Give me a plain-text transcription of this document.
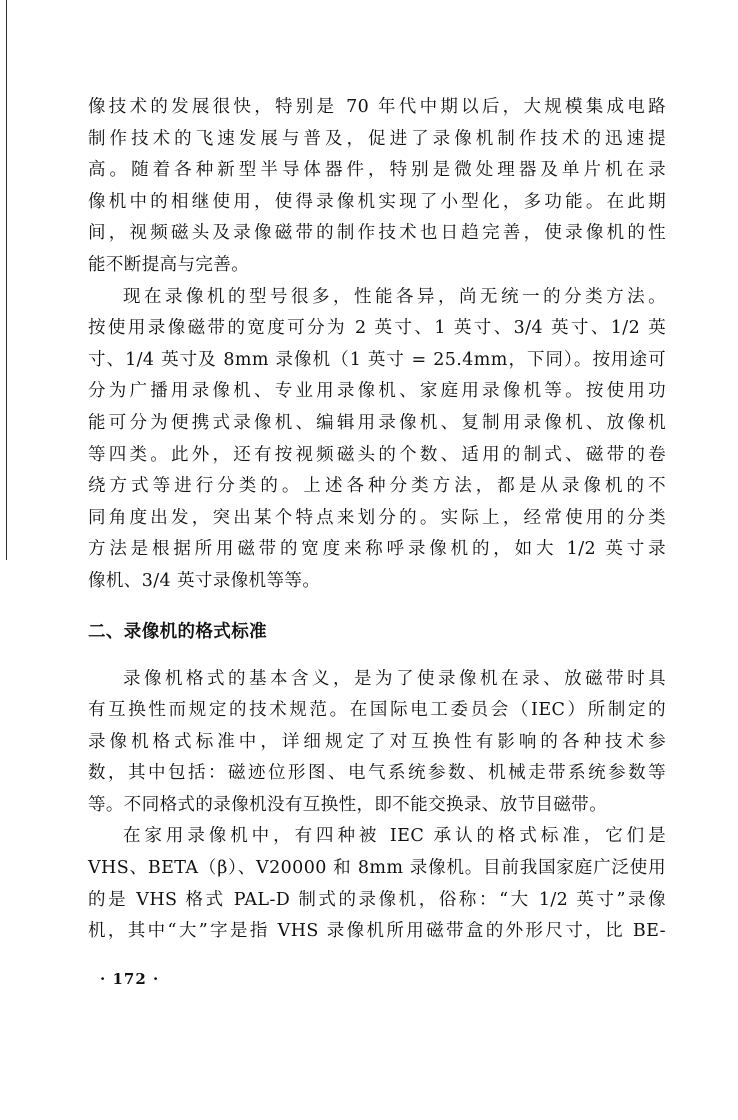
像技术的发展很快，特别是 70 年代中期以后，大规模集成电路

制作技术的飞速发展与普及，促进了录像机制作技术的迅速提

高。随着各种新型半导体器件，特别是微处理器及单片机在录

像机中的相继使用，使得录像机实现了小型化，多功能。在此期

间，视频磁头及录像磁带的制作技术也日趋完善，使录像机的性

能不断提高与完善。

现在录像机的型号很多，性能各异，尚无统一的分类方法。

按使用录像磁带的宽度可分为 2 英寸、1 英寸、3/4 英寸、1/2 英

寸、1/4 英寸及 8mm 录像机（1 英寸 = 25.4mm，下同）。按用途可

分为广播用录像机、专业用录像机、家庭用录像机等。按使用功

能可分为便携式录像机、编辑用录像机、复制用录像机、放像机

等四类。此外，还有按视频磁头的个数、适用的制式、磁带的卷

绕方式等进行分类的。上述各种分类方法，都是从录像机的不

同角度出发，突出某个特点来划分的。实际上，经常使用的分类

方法是根据所用磁带的宽度来称呼录像机的，如大 1/2 英寸录

像机、3/4 英寸录像机等等。

二、录像机的格式标准

录像机格式的基本含义，是为了使录像机在录、放磁带时具

有互换性而规定的技术规范。在国际电工委员会（IEC）所制定的

录像机格式标准中，详细规定了对互换性有影响的各种技术参

数，其中包括：磁迹位形图、电气系统参数、机械走带系统参数等

等。不同格式的录像机没有互换性，即不能交换录、放节目磁带。

在家用录像机中，有四种被 IEC 承认的格式标准，它们是

VHS、BETA（β）、V20000 和 8mm 录像机。目前我国家庭广泛使用

的是 VHS 格式 PAL-D 制式的录像机，俗称：“大 1/2 英寸”录像

机，其中“大”字是指 VHS 录像机所用磁带盒的外形尺寸，比 BE-

· 172 ·
